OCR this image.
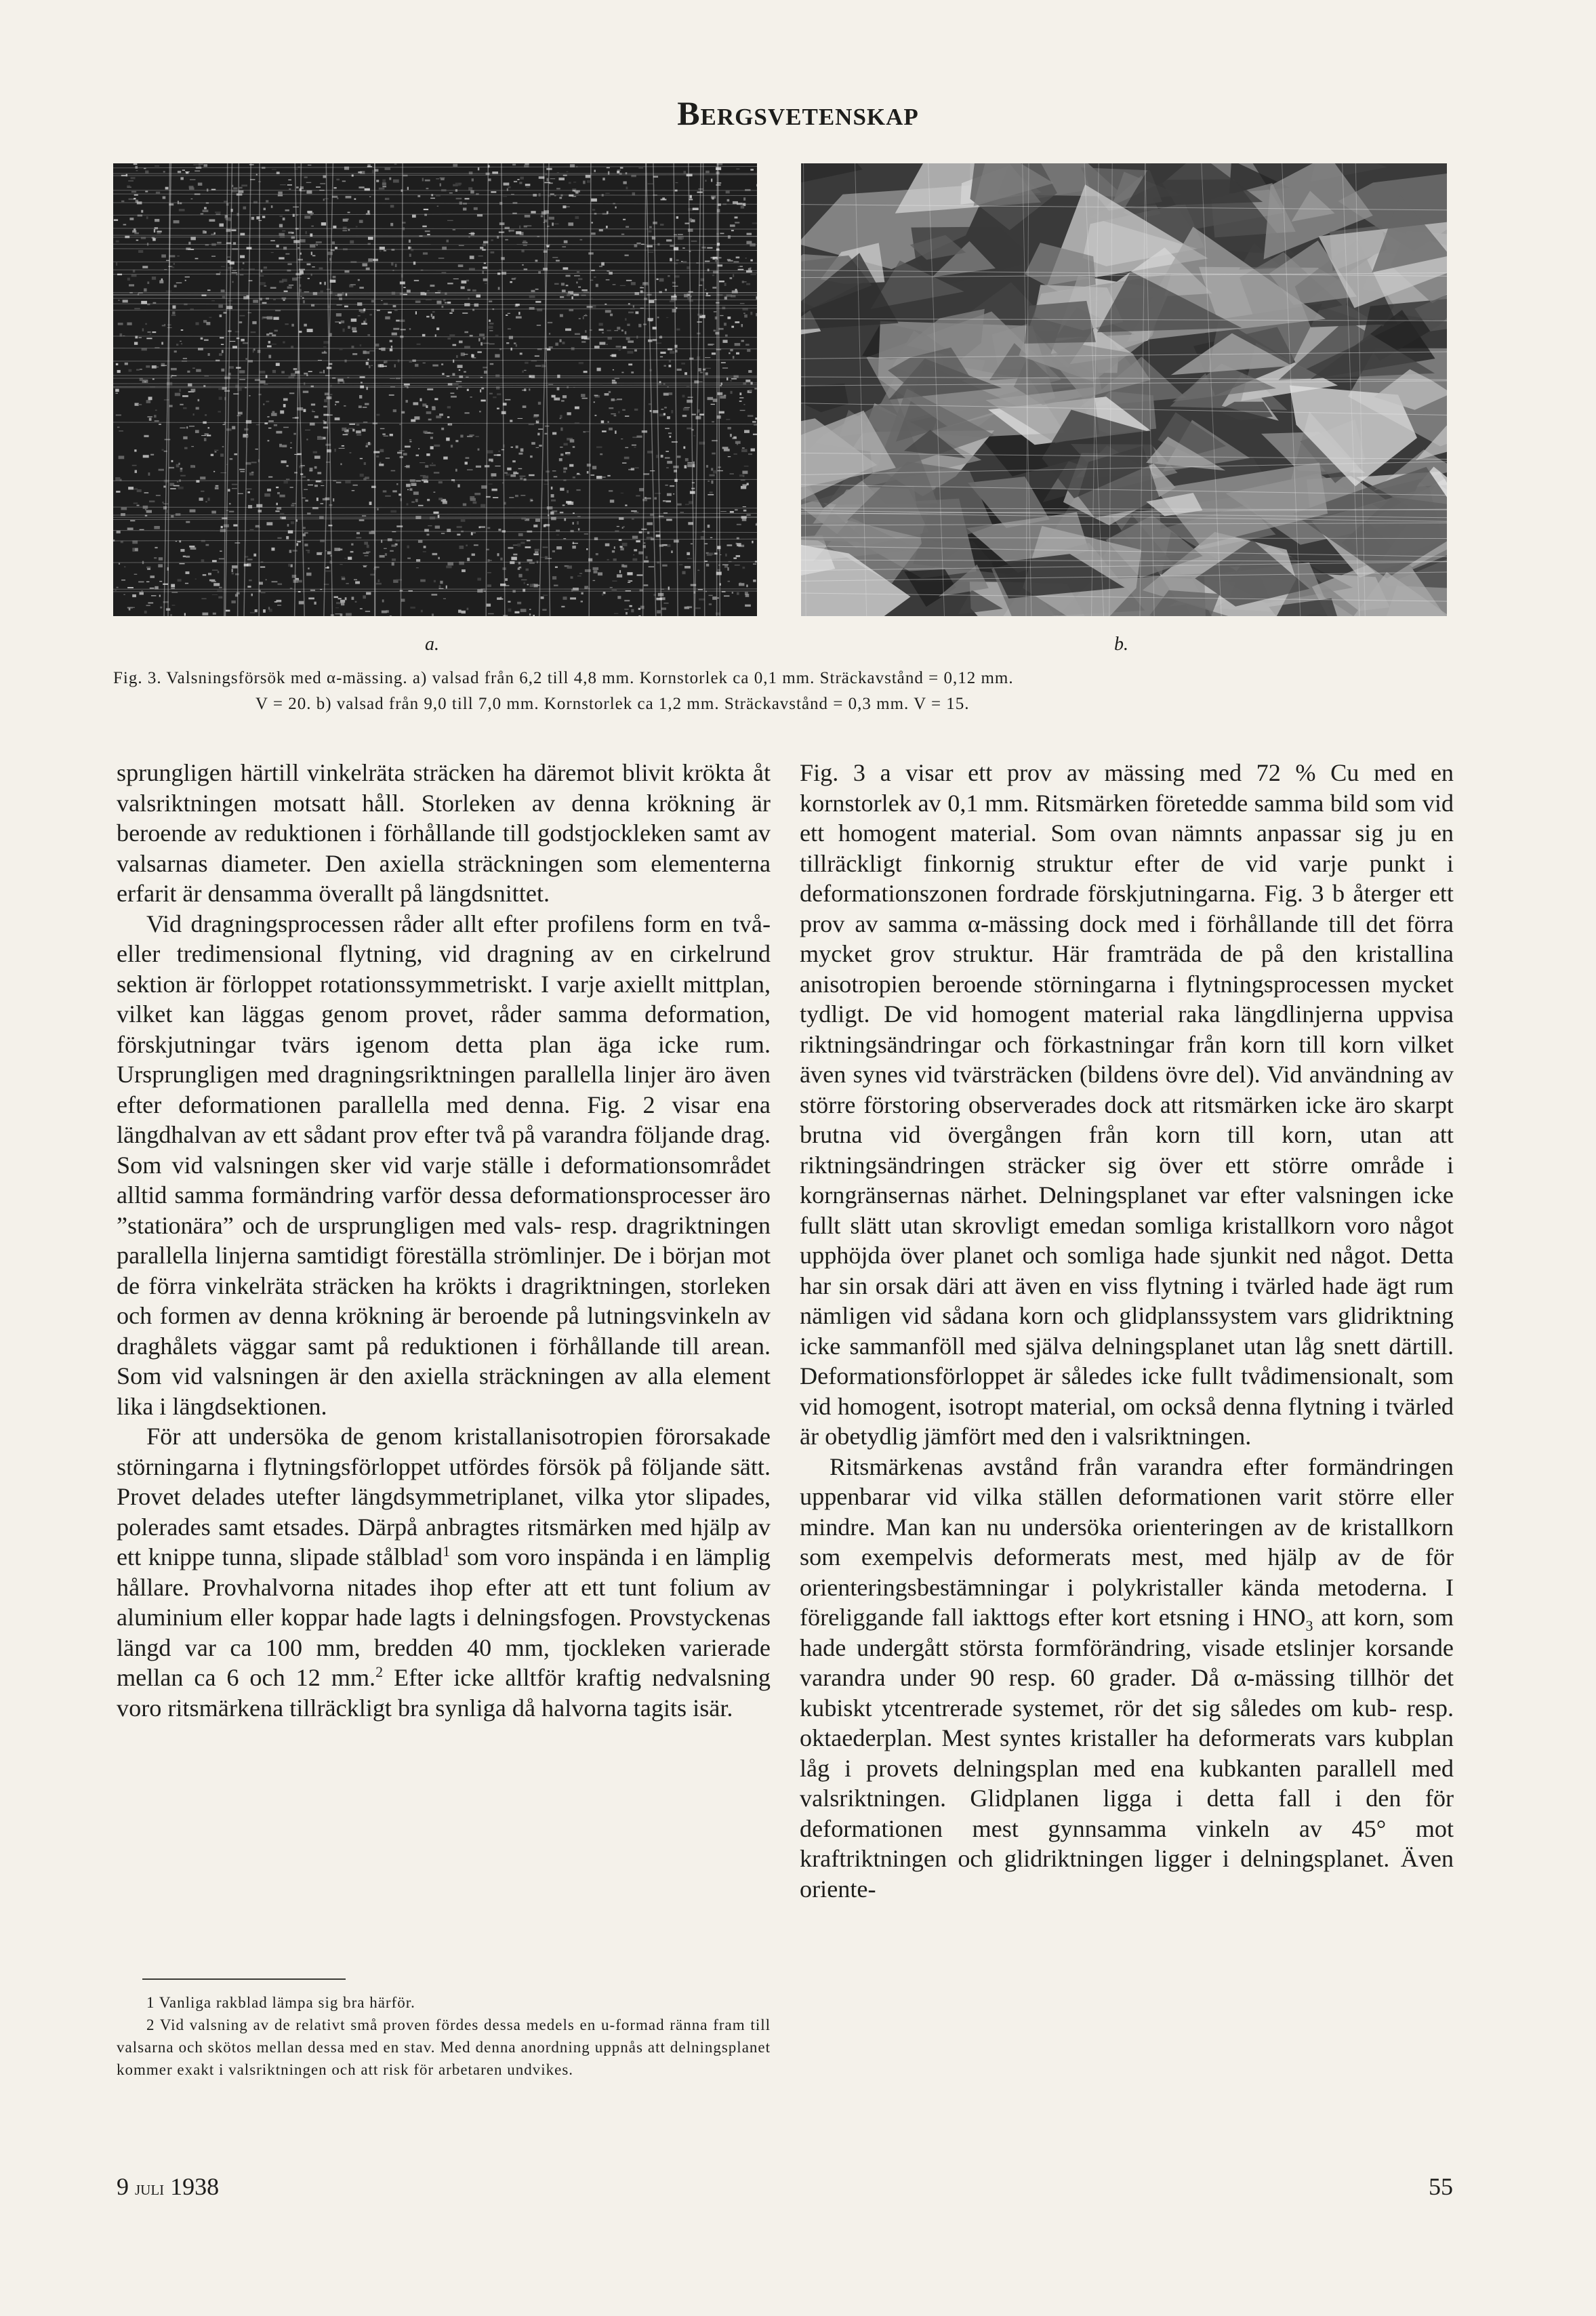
Bergsvetenskap
a.	b.
Fig. 3. Valsningsförsök med α-mässing. a) valsad från 6,2 till 4,8 mm. Kornstorlek ca 0,1 mm. Sträckavstånd = 0,12 mm.
V = 20. b) valsad från 9,0 till 7,0 mm. Kornstorlek ca 1,2 mm. Sträckavstånd = 0,3 mm. V = 15.

sprungligen härtill vinkelräta sträcken ha däremot blivit krökta åt valsriktningen motsatt håll. Storleken av denna krökning är beroende av reduktionen i förhållande till godstjockleken samt av valsarnas diameter. Den axiella sträckningen som elementerna erfarit är densamma överallt på längdsnittet.

Vid dragningsprocessen råder allt efter profilens form en två- eller tredimensional flytning, vid dragning av en cirkelrund sektion är förloppet rotationssymmetriskt. I varje axiellt mittplan, vilket kan läggas genom provet, råder samma deformation, förskjutningar tvärs igenom detta plan äga icke rum. Ursprungligen med dragningsriktningen parallella linjer äro även efter deformationen parallella med denna. Fig. 2 visar ena längdhalvan av ett sådant prov efter två på varandra följande drag. Som vid valsningen sker vid varje ställe i deformationsområdet alltid samma formändring varför dessa deformationsprocesser äro ”stationära” och de ursprungligen med vals- resp. dragriktningen parallella linjerna samtidigt föreställa strömlinjer. De i början mot de förra vinkelräta sträcken ha krökts i dragriktningen, storleken och formen av denna krökning är beroende på lutningsvinkeln av draghålets väggar samt på reduktionen i förhållande till arean. Som vid valsningen är den axiella sträckningen av alla element lika i längdsektionen.

För att undersöka de genom kristallanisotropien förorsakade störningarna i flytningsförloppet utfördes försök på följande sätt. Provet delades utefter längdsymmetriplanet, vilka ytor slipades, polerades samt etsades. Därpå anbragtes ritsmärken med hjälp av ett knippe tunna, slipade stålblad$^1$ som voro inspända i en lämplig hållare. Provhalvorna nitades ihop efter att ett tunt folium av aluminium eller koppar hade lagts i delningsfogen. Provstyckenas längd var ca 100 mm, bredden 40 mm, tjockleken varierade mellan ca 6 och 12 mm.$^2$ Efter icke alltför kraftig nedvalsning voro ritsmärkena tillräckligt bra synliga då halvorna tagits isär.

1 Vanliga rakblad lämpa sig bra härför.

2 Vid valsning av de relativt små proven fördes dessa medels en u-formad ränna fram till valsarna och skötos mellan dessa med en stav. Med denna anordning uppnås att delningsplanet kommer exakt i valsriktningen och att risk för arbetaren undvikes.

Fig. 3 a visar ett prov av mässing med 72 % Cu med en kornstorlek av 0,1 mm. Ritsmärken företeddе samma bild som vid ett homogent material. Som ovan nämnts anpassar sig ju en tillräckligt finkornig struktur efter de vid varje punkt i deformationszonen fordrade förskjutningarna. Fig. 3 b återger ett prov av samma α-mässing dock med i förhållande till det förra mycket grov struktur. Här framträda de på den kristallina anisotropien beroende störningarna i flytningsprocessen mycket tydligt. De vid homogent material raka längdlinjerna uppvisa riktningsändringar och förkastningar från korn till korn vilket även synes vid tvärsträcken (bildens övre del). Vid användning av större förstoring observerades dock att ritsmärken icke äro skarpt brutna vid övergången från korn till korn, utan att riktningsändringen sträcker sig över ett större område i korngränsernas närhet. Delningsplanet var efter valsningen icke fullt slätt utan skrovligt emedan somliga kristallkorn voro något upphöjda över planet och somliga hade sjunkit ned något. Detta har sin orsak däri att även en viss flytning i tvärled hade ägt rum nämligen vid sådana korn och glidplanssystem vars glidriktning icke sammanföll med själva delningsplanet utan låg snett därtill. Deformationsförloppet är således icke fullt tvådimensionalt, som vid homogent, isotropt material, om också denna flytning i tvärled är obetydlig jämfört med den i valsriktningen.

Ritsmärkenas avstånd från varandra efter formändringen uppenbarar vid vilka ställen deformationen varit större eller mindre. Man kan nu undersöka orienteringen av de kristallkorn som exempelvis deformerats mest, med hjälp av de för orienteringsbestämningar i polykristaller kända metoderna. I föreliggande fall iakttogs efter kort etsning i $HNO_3$ att korn, som hade undergått största formförändring, visade etslinjer korsande varandra under 90 resp. 60 grader. Då α-mässing tillhör det kubiskt ytcentrerade systemet, rör det sig således om kub- resp. oktaederplan. Mest syntes kristaller ha deformerats vars kubplan låg i provets delningsplan med ena kubkanten parallell med valsriktningen. Glidplanen ligga i detta fall i den för deformationen mest gynnsamma vinkeln av 45° mot kraftriktningen och glidriktningen ligger i delningsplanet. Även oriente-

9 juli 1938	55
